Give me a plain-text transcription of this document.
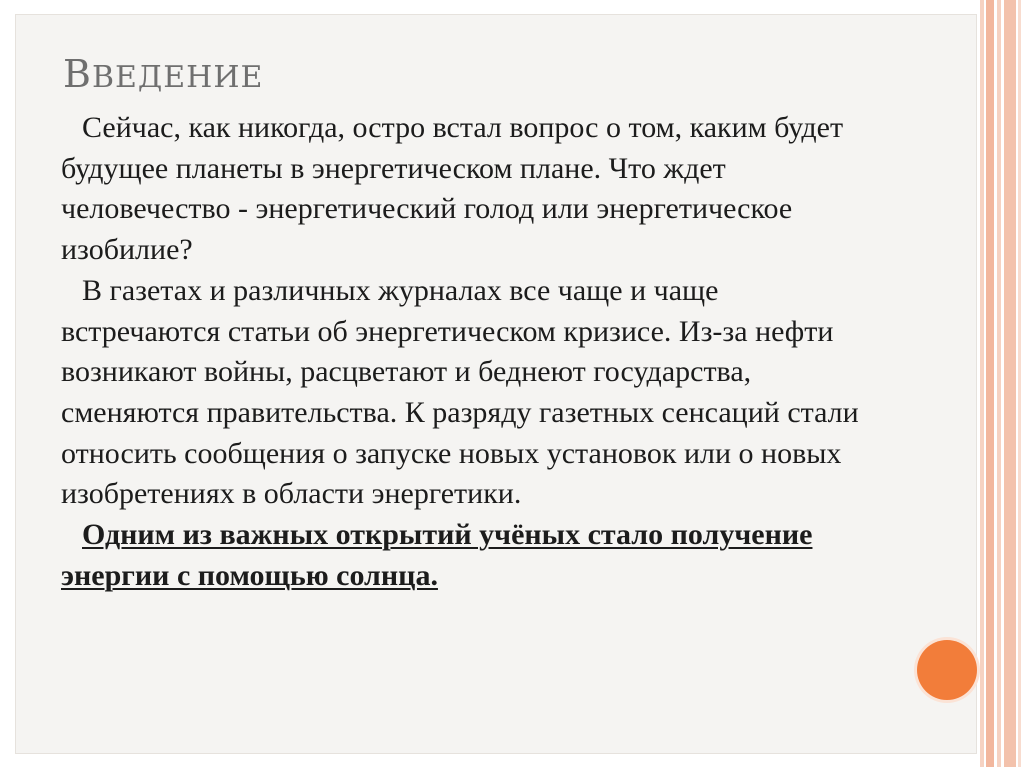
ВВЕДЕНИЕ

Сейчас, как никогда, остро встал вопрос о том, каким будет будущее планеты в энергетическом плане. Что ждет человечество - энергетический голод или энергетическое изобилие?

В газетах и различных журналах все чаще и чаще встречаются статьи об энергетическом кризисе. Из-за нефти возникают войны, расцветают и беднеют государства, сменяются правительства. К разряду газетных сенсаций стали относить сообщения о запуске новых установок или о новых изобретениях в области энергетики.

Одним из важных открытий учёных стало получение энергии с помощью солнца.
